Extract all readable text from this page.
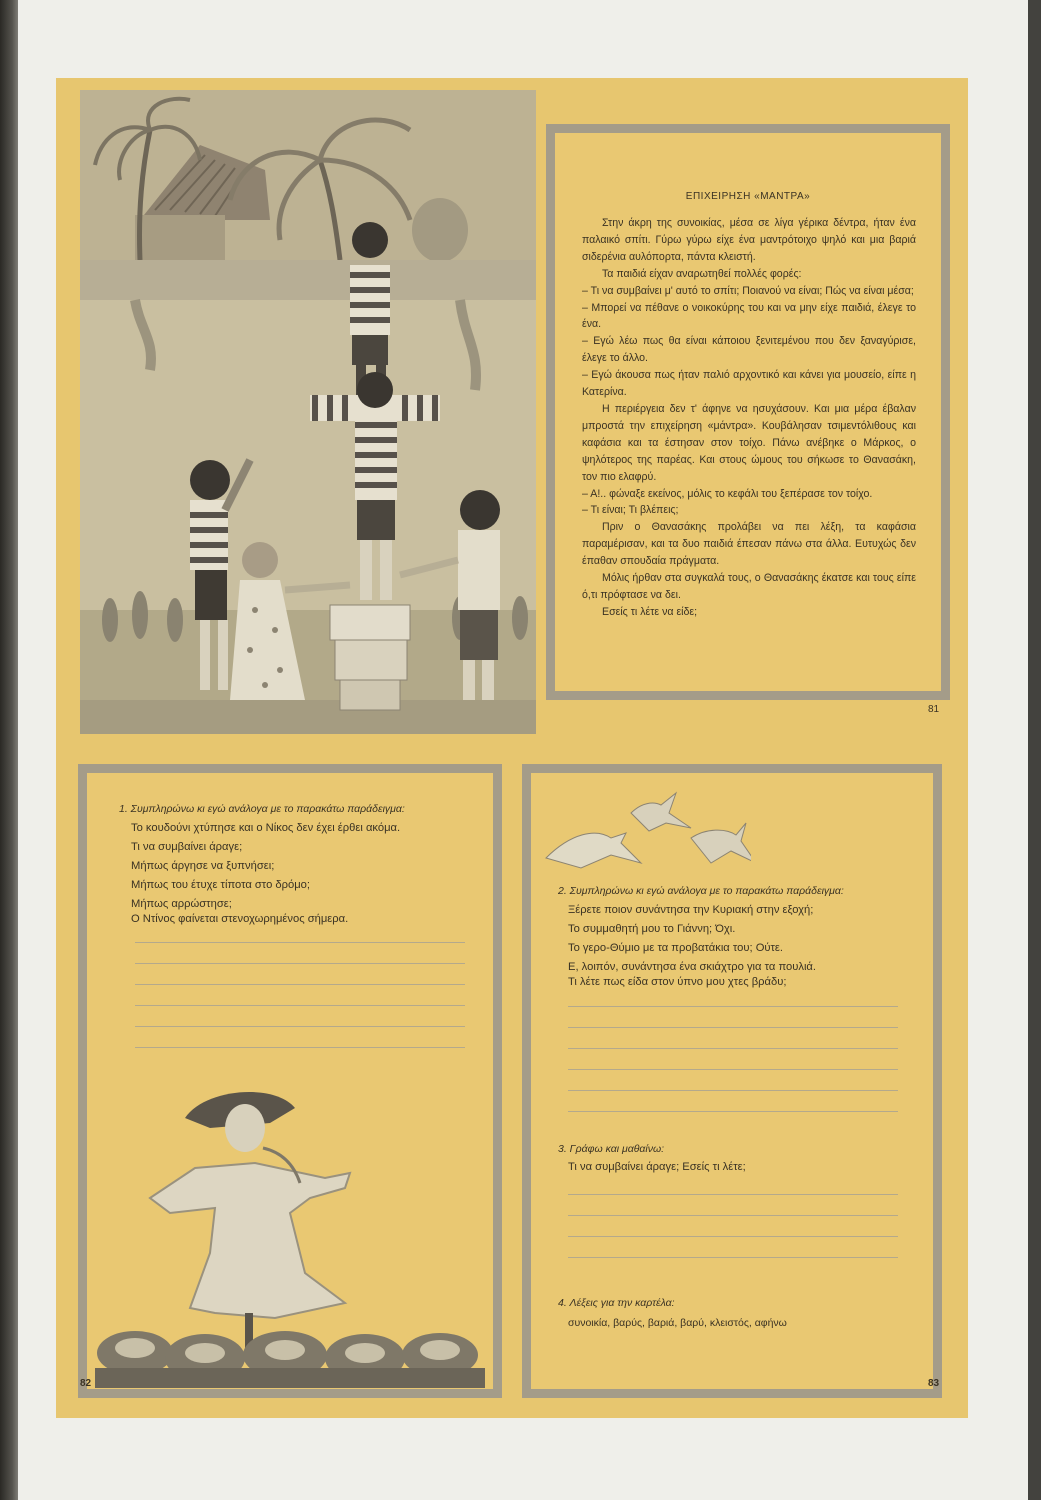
ΕΠΙΧΕΙΡΗΣΗ «ΜΑΝΤΡΑ»

Στην άκρη της συνοικίας, μέσα σε λίγα γέρικα δέντρα, ήταν ένα παλαικό σπίτι. Γύρω γύρω είχε ένα μαντρότοιχο ψηλό και μια βαριά σιδερένια αυλόπορτα, πάντα κλειστή.

Τα παιδιά είχαν αναρωτηθεί πολλές φορές:

– Τι να συμβαίνει μ' αυτό το σπίτι; Ποιανού να είναι; Πώς να είναι μέσα;

– Μπορεί να πέθανε ο νοικοκύρης του και να μην είχε παιδιά, έλεγε το ένα.

– Εγώ λέω πως θα είναι κάποιου ξενιτεμένου που δεν ξαναγύρισε, έλεγε το άλλο.

– Εγώ άκουσα πως ήταν παλιό αρχοντικό και κάνει για μουσείο, είπε η Κατερίνα.

Η περιέργεια δεν τ' άφηνε να ησυχάσουν. Και μια μέρα έβαλαν μπροστά την επιχείρηση «μάντρα». Κουβάλησαν τσιμεντόλιθους και καφάσια και τα έστησαν στον τοίχο. Πάνω ανέβηκε ο Μάρκος, ο ψηλότερος της παρέας. Και στους ώμους του σήκωσε το Θανασάκη, τον πιο ελαφρύ.

– Α!.. φώναξε εκείνος, μόλις το κεφάλι του ξεπέρασε τον τοίχο.

– Τι είναι; Τι βλέπεις;

Πριν ο Θανασάκης προλάβει να πει λέξη, τα καφάσια παραμέρισαν, και τα δυο παιδιά έπεσαν πάνω στα άλλα. Ευτυχώς δεν έπαθαν σπουδαία πράγματα.

Μόλις ήρθαν στα συγκαλά τους, ο Θανασάκης έκατσε και τους είπε ό,τι πρόφτασε να δει.

Εσείς τι λέτε να είδε;

81
1. Συμπληρώνω κι εγώ ανάλογα με το παρακάτω παράδειγμα:
Το κουδούνι χτύπησε και ο Νίκος δεν έχει έρθει ακόμα.
Τι να συμβαίνει άραγε;
Μήπως άργησε να ξυπνήσει;
Μήπως του έτυχε τίποτα στο δρόμο;
Μήπως αρρώστησε;
Ο Ντίνος φαίνεται στενοχωρημένος σήμερα.
82
2. Συμπληρώνω κι εγώ ανάλογα με το παρακάτω παράδειγμα:
Ξέρετε ποιον συνάντησα την Κυριακή στην εξοχή;
Το συμμαθητή μου το Γιάννη; Όχι.
Το γερο-Θύμιο με τα προβατάκια του; Ούτε.
Ε, λοιπόν, συνάντησα ένα σκιάχτρο για τα πουλιά.
Τι λέτε πως είδα στον ύπνο μου χτες βράδυ;
3. Γράφω και μαθαίνω:
Τι να συμβαίνει άραγε; Εσείς τι λέτε;
4. Λέξεις για την καρτέλα:
συνοικία, βαρύς, βαριά, βαρύ, κλειστός, αφήνω
83
